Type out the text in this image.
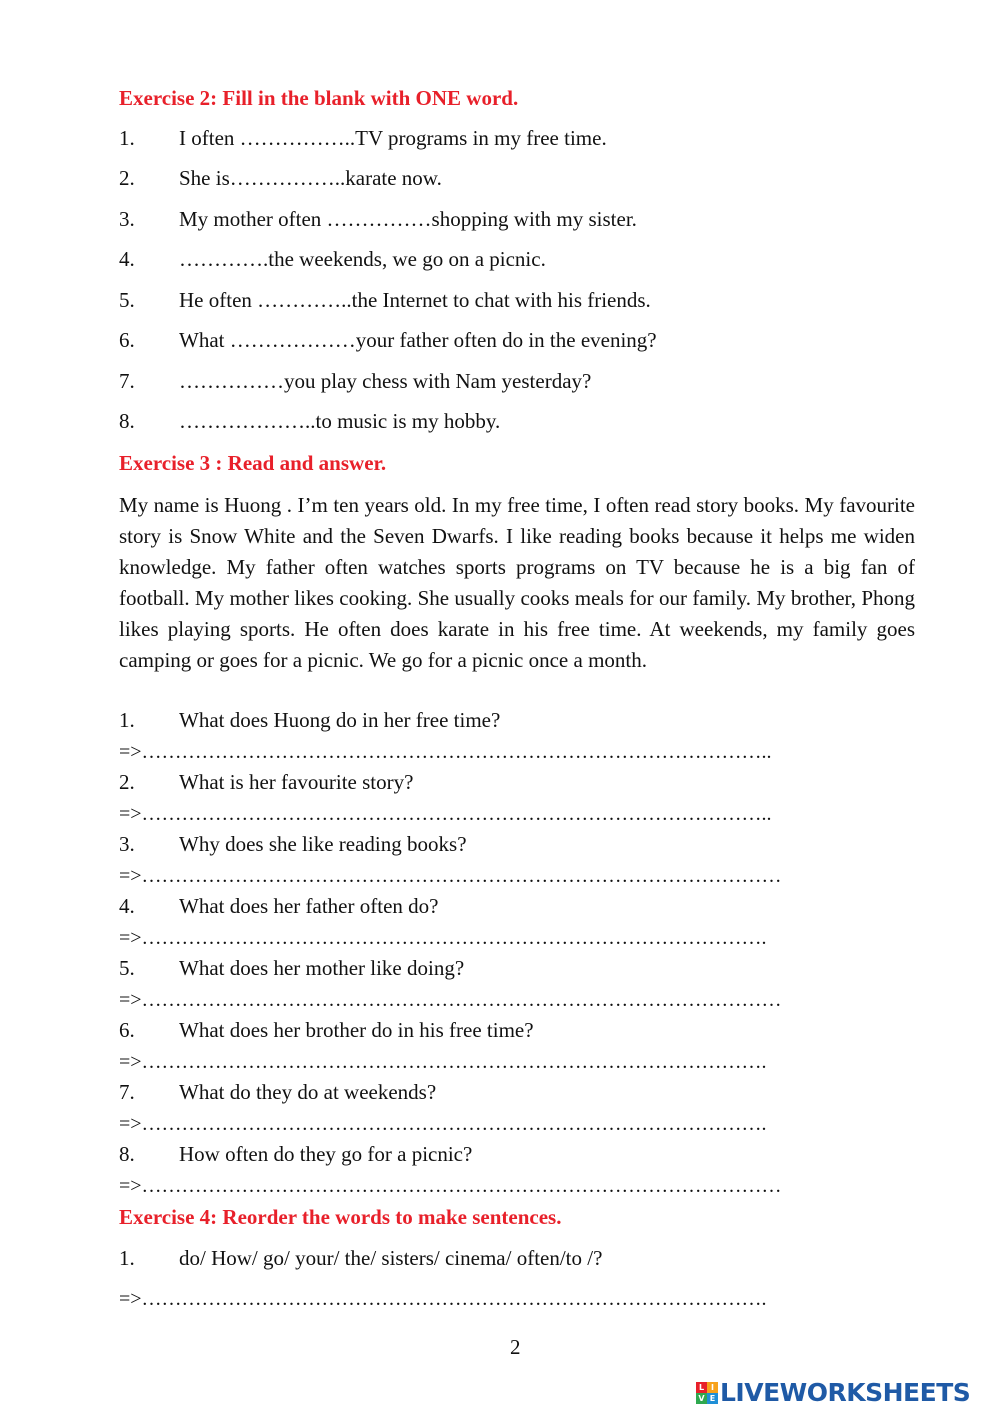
Exercise 2: Fill in the blank with ONE word.
1. I often ……………..TV programs in my free time.
2. She is……………..karate now.
3. My mother often ……………shopping with my sister.
4. ………….the weekends, we go on a picnic.
5. He often …………..the Internet to chat with his friends.
6. What ………………your father often do in the evening?
7. ……………you play chess with Nam yesterday?
8. ………………..to music is my hobby.
Exercise 3 : Read and answer.
My name is Huong . I’m ten years old. In my free time, I often read story books. My favourite story is Snow White and the Seven Dwarfs. I like reading books because it helps me widen knowledge. My father often watches sports programs on TV because he is a big fan of football. My mother likes cooking. She usually cooks meals for our family. My brother, Phong likes playing sports. He often does karate in his free time. At weekends, my family goes camping or goes for a picnic. We go for a picnic once a month.
1. What does Huong do in her free time?
=>…………………………………………………………………………………..
2. What is her favourite story?
=>…………………………………………………………………………………..
3. Why does she like reading books?
=>……………………………………………………………………………………
4. What does her father often do?
=>………………………………………………………………………………….
5. What does her mother like doing?
=>……………………………………………………………………………………
6. What does her brother do in his free time?
=>………………………………………………………………………………….
7. What do they do at weekends?
=>………………………………………………………………………………….
8. How often do they go for a picnic?
=>……………………………………………………………………………………
Exercise 4: Reorder the words to make sentences.
1. do/ How/ go/ your/ the/ sisters/ cinema/ often/to /?
=>………………………………………………………………………………….
2
L I
V E LIVEWORKSHEETS
